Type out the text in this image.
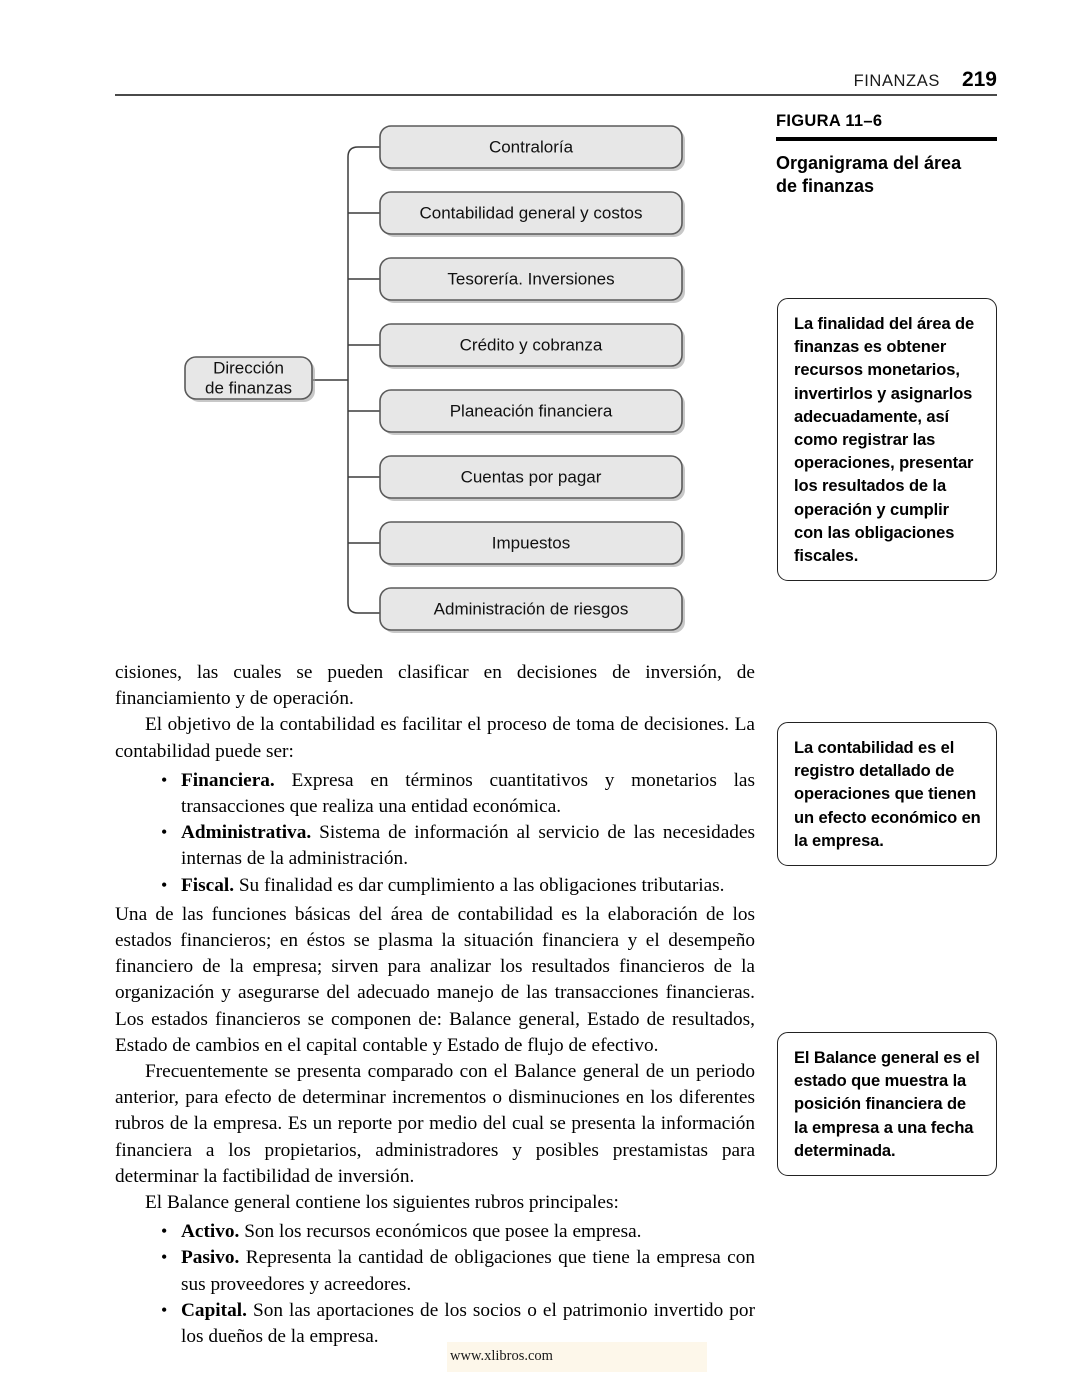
FINANZAS 219
FIGURA 11–6
Organigrama del área
de finanzas
La finalidad del área de finanzas es obtener recursos monetarios, invertirlos y asignarlos adecuadamente, así como registrar las operaciones, presentar los resultados de la operación y cumplir con las obligaciones fiscales.
La contabilidad es el registro detallado de operaciones que tienen un efecto económico en la empresa.
El Balance general es el estado que muestra la posición financiera de la empresa a una fecha determinada.
Dirección
de finanzas
Contraloría
Contabilidad general y costos
Tesorería. Inversiones
Crédito y cobranza
Planeación financiera
Cuentas por pagar
Impuestos
Administración de riesgos

cisiones, las cuales se pueden clasificar en decisiones de inversión, de financiamiento y de operación.

El objetivo de la contabilidad es facilitar el proceso de toma de decisiones. La contabilidad puede ser:

• Financiera. Expresa en términos cuantitativos y monetarios las transacciones que realiza una entidad económica.
• Administrativa. Sistema de información al servicio de las necesidades internas de la administración.
• Fiscal. Su finalidad es dar cumplimiento a las obligaciones tributarias.

Una de las funciones básicas del área de contabilidad es la elaboración de los estados financieros; en éstos se plasma la situación financiera y el desempeño financiero de la empresa; sirven para analizar los resultados financieros de la organización y asegurarse del adecuado manejo de las transacciones financieras. Los estados financieros se componen de: Balance general, Estado de resultados, Estado de cambios en el capital contable y Estado de flujo de efectivo.

Frecuentemente se presenta comparado con el Balance general de un periodo anterior, para efecto de determinar incrementos o disminuciones en los diferentes rubros de la empresa. Es un reporte por medio del cual se presenta la información financiera a los propietarios, administradores y posibles prestamistas para determinar la factibilidad de inversión.

El Balance general contiene los siguientes rubros principales:

• Activo. Son los recursos económicos que posee la empresa.
• Pasivo. Representa la cantidad de obligaciones que tiene la empresa con sus proveedores y acreedores.
• Capital. Son las aportaciones de los socios o el patrimonio invertido por los dueños de la empresa.
www.xlibros.com
